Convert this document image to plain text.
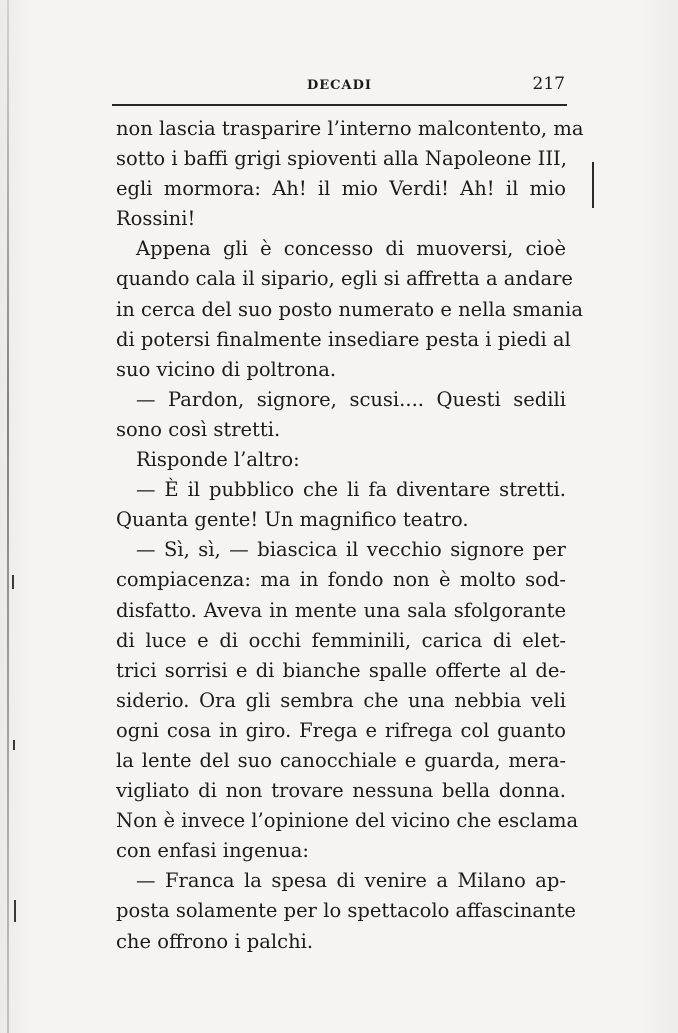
DECADI	217
non lascia trasparire l’interno malcontento, ma
sotto i baffi grigi spioventi alla Napoleone III,
egli mormora: Ah! il mio Verdi! Ah! il mio
Rossini!
Appena gli è concesso di muoversi, cioè
quando cala il sipario, egli si affretta a andare
in cerca del suo posto numerato e nella smania
di potersi finalmente insediare pesta i piedi al
suo vicino di poltrona.
— Pardon, signore, scusi.... Questi sedili
sono così stretti.
Risponde l’altro:
— È il pubblico che li fa diventare stretti.
Quanta gente! Un magnifico teatro.
— Sì, sì, — biascica il vecchio signore per
compiacenza: ma in fondo non è molto sod-
disfatto. Aveva in mente una sala sfolgorante
di luce e di occhi femminili, carica di elet-
trici sorrisi e di bianche spalle offerte al de-
siderio. Ora gli sembra che una nebbia veli
ogni cosa in giro. Frega e rifrega col guanto
la lente del suo canocchiale e guarda, mera-
vigliato di non trovare nessuna bella donna.
Non è invece l’opinione del vicino che esclama
con enfasi ingenua:
— Franca la spesa di venire a Milano ap-
posta solamente per lo spettacolo affascinante
che offrono i palchi.
